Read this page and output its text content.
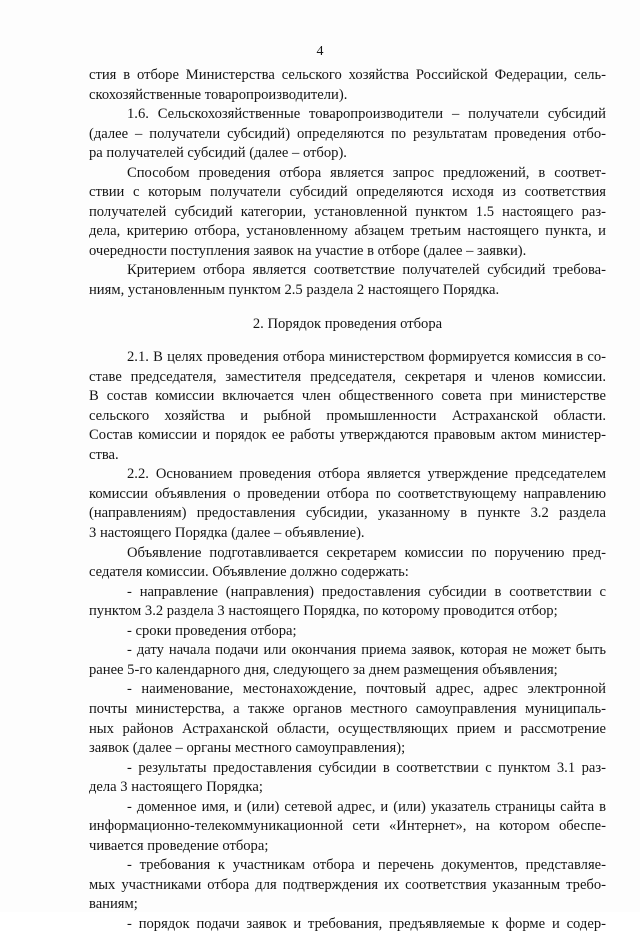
4
стия в отборе Министерства сельского хозяйства Российской Федерации, сель-
скохозяйственные товаропроизводители).
1.6. Сельскохозяйственные товаропроизводители – получатели субсидий
(далее – получатели субсидий) определяются по результатам проведения отбо-
ра получателей субсидий (далее – отбор).
Способом проведения отбора является запрос предложений, в соответ-
ствии с которым получатели субсидий определяются исходя из соответствия
получателей субсидий категории, установленной пунктом 1.5 настоящего раз-
дела, критерию отбора, установленному абзацем третьим настоящего пункта, и
очередности поступления заявок на участие в отборе (далее – заявки).
Критерием отбора является соответствие получателей субсидий требова-
ниям, установленным пунктом 2.5 раздела 2 настоящего Порядка.
2. Порядок проведения отбора
2.1. В целях проведения отбора министерством формируется комиссия в со-
ставе председателя, заместителя председателя, секретаря и членов комиссии.
В состав комиссии включается член общественного совета при министерстве
сельского хозяйства и рыбной промышленности Астраханской области.
Состав комиссии и порядок ее работы утверждаются правовым актом министер-
ства.
2.2. Основанием проведения отбора является утверждение председателем
комиссии объявления о проведении отбора по соответствующему направлению
(направлениям) предоставления субсидии, указанному в пункте 3.2 раздела
3 настоящего Порядка (далее – объявление).
Объявление подготавливается секретарем комиссии по поручению пред-
седателя комиссии. Объявление должно содержать:
- направление (направления) предоставления субсидии в соответствии с
пунктом 3.2 раздела 3 настоящего Порядка, по которому проводится отбор;
- сроки проведения отбора;
- дату начала подачи или окончания приема заявок, которая не может быть
ранее 5-го календарного дня, следующего за днем размещения объявления;
- наименование, местонахождение, почтовый адрес, адрес электронной
почты министерства, а также органов местного самоуправления муниципаль-
ных районов Астраханской области, осуществляющих прием и рассмотрение
заявок (далее – органы местного самоуправления);
- результаты предоставления субсидии в соответствии с пунктом 3.1 раз-
дела 3 настоящего Порядка;
- доменное имя, и (или) сетевой адрес, и (или) указатель страницы сайта в
информационно-телекоммуникационной сети «Интернет», на котором обеспе-
чивается проведение отбора;
- требования к участникам отбора и перечень документов, представляе-
мых участниками отбора для подтверждения их соответствия указанным требо-
ваниям;
- порядок подачи заявок и требования, предъявляемые к форме и содер-
